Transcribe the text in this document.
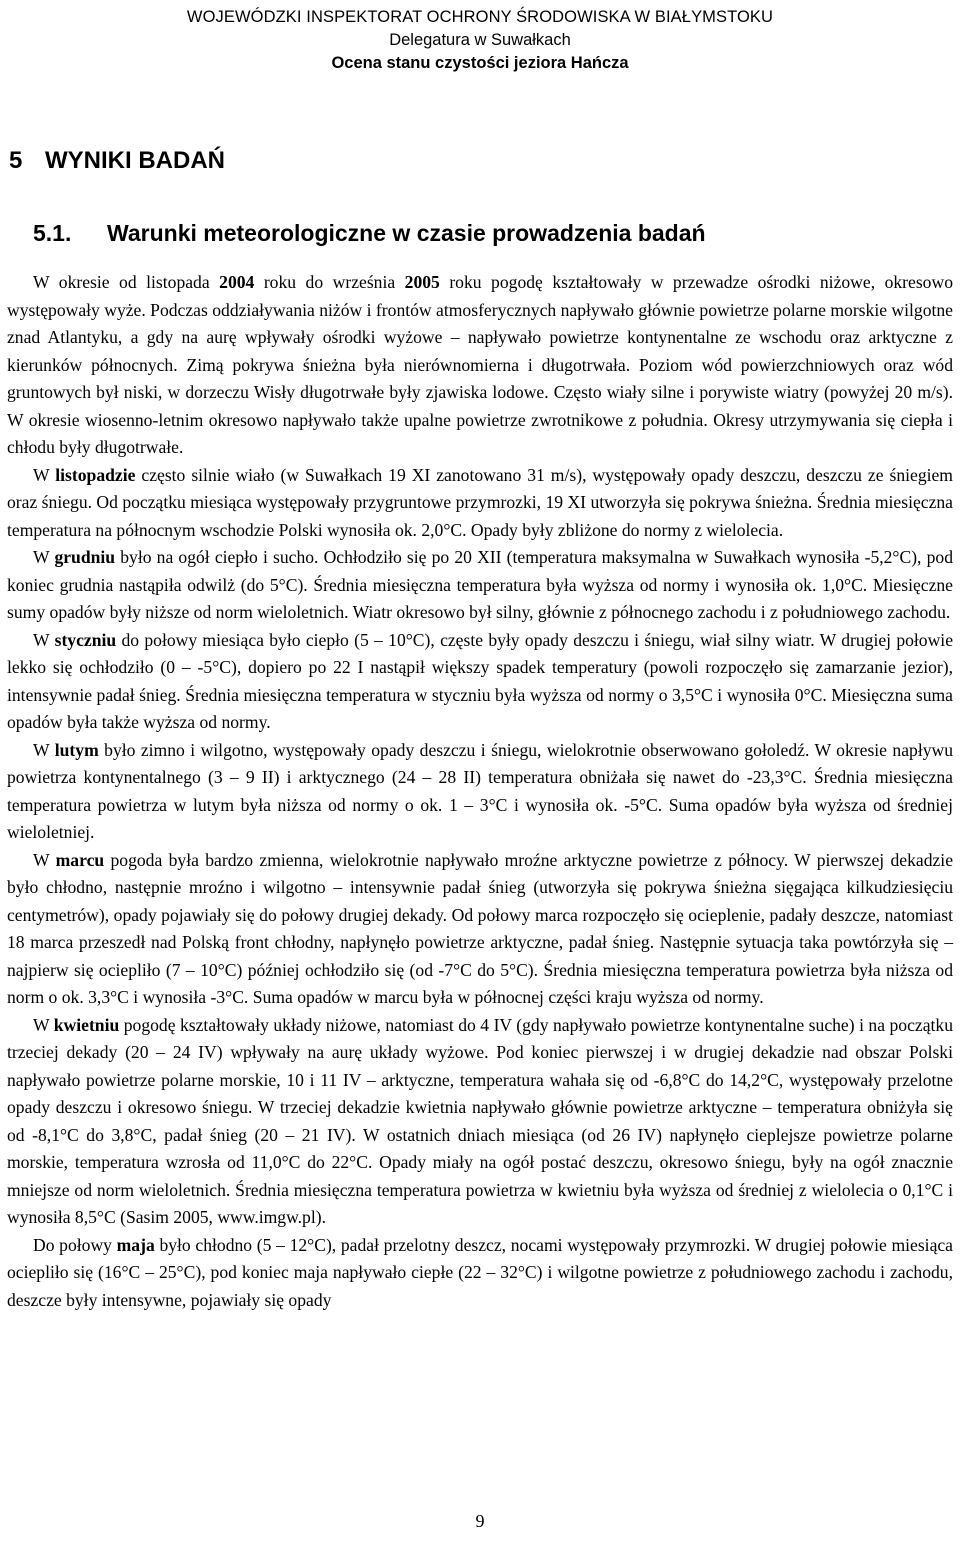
WOJEWÓDZKI INSPEKTORAT OCHRONY ŚRODOWISKA W BIAŁYMSTOKU
Delegatura w Suwałkach
Ocena stanu czystości jeziora Hańcza
5 WYNIKI BADAŃ
5.1. Warunki meteorologiczne w czasie prowadzenia badań

W okresie od listopada 2004 roku do września 2005 roku pogodę kształtowały w przewadze ośrodki niżowe, okresowo występowały wyże. Podczas oddziaływania niżów i frontów atmosferycznych napływało głównie powietrze polarne morskie wilgotne znad Atlantyku, a gdy na aurę wpływały ośrodki wyżowe – napływało powietrze kontynentalne ze wschodu oraz arktyczne z kierunków północnych. Zimą pokrywa śnieżna była nierównomierna i długotrwała. Poziom wód powierzchniowych oraz wód gruntowych był niski, w dorzeczu Wisły długotrwałe były zjawiska lodowe. Często wiały silne i porywiste wiatry (powyżej 20 m/s). W okresie wiosenno-letnim okresowo napływało także upalne powietrze zwrotnikowe z południa. Okresy utrzymywania się ciepła i chłodu były długotrwałe.

W listopadzie często silnie wiało (w Suwałkach 19 XI zanotowano 31 m/s), występowały opady deszczu, deszczu ze śniegiem oraz śniegu. Od początku miesiąca występowały przygruntowe przymrozki, 19 XI utworzyła się pokrywa śnieżna. Średnia miesięczna temperatura na północnym wschodzie Polski wynosiła ok. 2,0°C. Opady były zbliżone do normy z wielolecia.

W grudniu było na ogół ciepło i sucho. Ochłodziło się po 20 XII (temperatura maksymalna w Suwałkach wynosiła -5,2°C), pod koniec grudnia nastąpiła odwilż (do 5°C). Średnia miesięczna temperatura była wyższa od normy i wynosiła ok. 1,0°C. Miesięczne sumy opadów były niższe od norm wieloletnich. Wiatr okresowo był silny, głównie z północnego zachodu i z południowego zachodu.

W styczniu do połowy miesiąca było ciepło (5 – 10°C), częste były opady deszczu i śniegu, wiał silny wiatr. W drugiej połowie lekko się ochłodziło (0 – -5°C), dopiero po 22 I nastąpił większy spadek temperatury (powoli rozpoczęło się zamarzanie jezior), intensywnie padał śnieg. Średnia miesięczna temperatura w styczniu była wyższa od normy o 3,5°C i wynosiła 0°C. Miesięczna suma opadów była także wyższa od normy.

W lutym było zimno i wilgotno, występowały opady deszczu i śniegu, wielokrotnie obserwowano gołoledź. W okresie napływu powietrza kontynentalnego (3 – 9 II) i arktycznego (24 – 28 II) temperatura obniżała się nawet do -23,3°C. Średnia miesięczna temperatura powietrza w lutym była niższa od normy o ok. 1 – 3°C i wynosiła ok. -5°C. Suma opadów była wyższa od średniej wieloletniej.

W marcu pogoda była bardzo zmienna, wielokrotnie napływało mroźne arktyczne powietrze z północy. W pierwszej dekadzie było chłodno, następnie mroźno i wilgotno – intensywnie padał śnieg (utworzyła się pokrywa śnieżna sięgająca kilkudziesięciu centymetrów), opady pojawiały się do połowy drugiej dekady. Od połowy marca rozpoczęło się ocieplenie, padały deszcze, natomiast 18 marca przeszedł nad Polską front chłodny, napłynęło powietrze arktyczne, padał śnieg. Następnie sytuacja taka powtórzyła się – najpierw się ociepliło (7 – 10°C) później ochłodziło się (od -7°C do 5°C). Średnia miesięczna temperatura powietrza była niższa od norm o ok. 3,3°C i wynosiła -3°C. Suma opadów w marcu była w północnej części kraju wyższa od normy.

W kwietniu pogodę kształtowały układy niżowe, natomiast do 4 IV (gdy napływało powietrze kontynentalne suche) i na początku trzeciej dekady (20 – 24 IV) wpływały na aurę układy wyżowe. Pod koniec pierwszej i w drugiej dekadzie nad obszar Polski napływało powietrze polarne morskie, 10 i 11 IV – arktyczne, temperatura wahała się od -6,8°C do 14,2°C, występowały przelotne opady deszczu i okresowo śniegu. W trzeciej dekadzie kwietnia napływało głównie powietrze arktyczne – temperatura obniżyła się od -8,1°C do 3,8°C, padał śnieg (20 – 21 IV). W ostatnich dniach miesiąca (od 26 IV) napłynęło cieplejsze powietrze polarne morskie, temperatura wzrosła od 11,0°C do 22°C. Opady miały na ogół postać deszczu, okresowo śniegu, były na ogół znacznie mniejsze od norm wieloletnich. Średnia miesięczna temperatura powietrza w kwietniu była wyższa od średniej z wielolecia o 0,1°C i wynosiła 8,5°C (Sasim 2005, www.imgw.pl).

Do połowy maja było chłodno (5 – 12°C), padał przelotny deszcz, nocami występowały przymrozki. W drugiej połowie miesiąca ociepliło się (16°C – 25°C), pod koniec maja napływało ciepłe (22 – 32°C) i wilgotne powietrze z południowego zachodu i zachodu, deszcze były intensywne, pojawiały się opady

9
